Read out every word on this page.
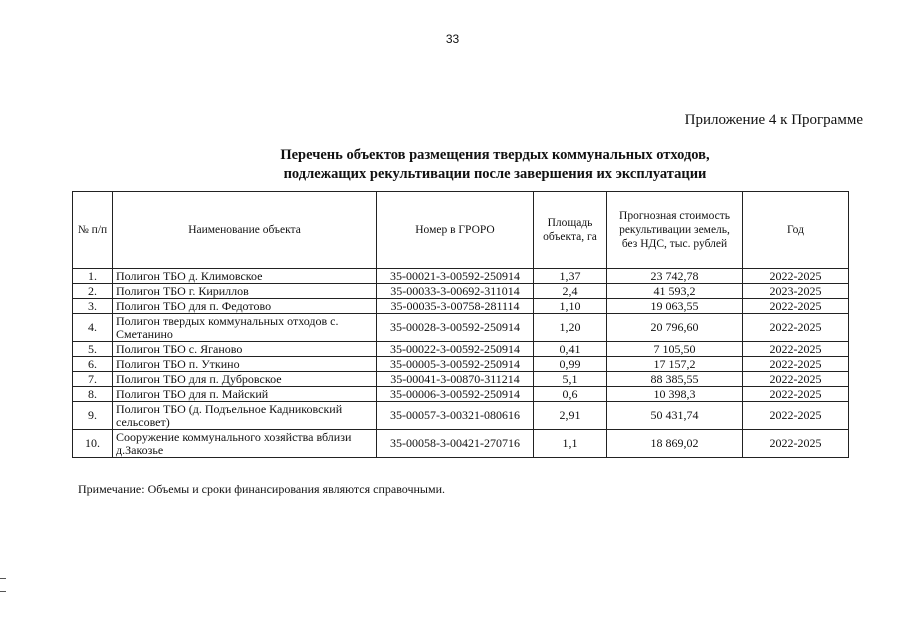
33
Приложение 4 к Программе
Перечень объектов размещения твердых коммунальных отходов,
подлежащих рекультивации после завершения их эксплуатации
№ п/п	Наименование объекта	Номер в ГРОРО	Площадь объекта, га	Прогнозная стоимость рекультивации земель, без НДС, тыс. рублей	Год
1.	Полигон ТБО д. Климовское	35-00021-3-00592-250914	1,37	23 742,78	2022-2025
2.	Полигон ТБО г. Кириллов	35-00033-3-00692-311014	2,4	41 593,2	2023-2025
3.	Полигон ТБО для п. Федотово	35-00035-3-00758-281114	1,10	19 063,55	2022-2025
4.	Полигон твердых коммунальных отходов с. Сметанино	35-00028-3-00592-250914	1,20	20 796,60	2022-2025
5.	Полигон ТБО с. Яганово	35-00022-3-00592-250914	0,41	7 105,50	2022-2025
6.	Полигон ТБО п. Уткино	35-00005-3-00592-250914	0,99	17 157,2	2022-2025
7.	Полигон ТБО для п. Дубровское	35-00041-3-00870-311214	5,1	88 385,55	2022-2025
8.	Полигон ТБО для п. Майский	35-00006-3-00592-250914	0,6	10 398,3	2022-2025
9.	Полигон ТБО (д. Подъельное Кадниковский сельсовет)	35-00057-3-00321-080616	2,91	50 431,74	2022-2025
10.	Сооружение коммунального хозяйства вблизи д.Закозье	35-00058-3-00421-270716	1,1	18 869,02	2022-2025
Примечание: Объемы и сроки финансирования являются справочными.
